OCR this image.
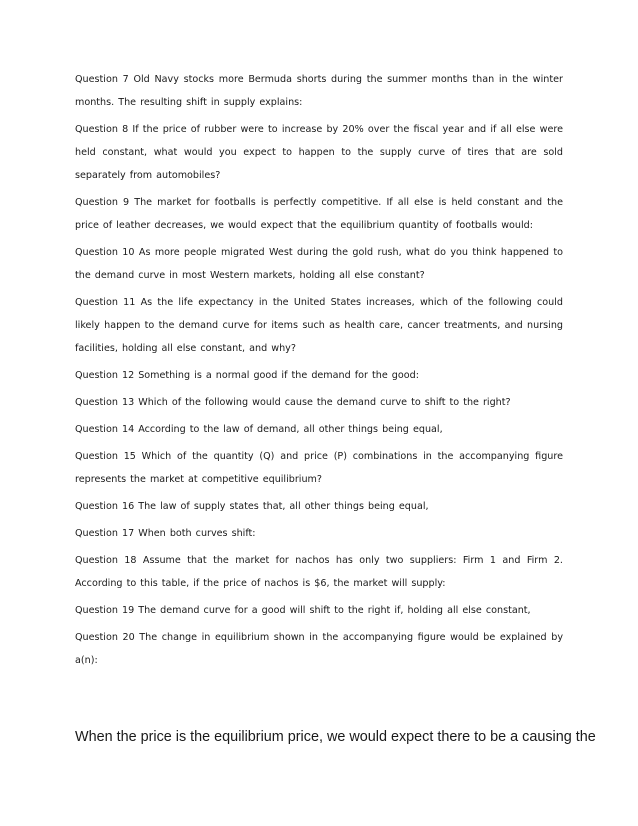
Question 7 Old Navy stocks more Bermuda shorts during the summer months than in the winter months. The resulting shift in supply explains:

Question 8 If the price of rubber were to increase by 20% over the fiscal year and if all else were held constant, what would you expect to happen to the supply curve of tires that are sold separately from automobiles?

Question 9 The market for footballs is perfectly competitive. If all else is held constant and the price of leather decreases, we would expect that the equilibrium quantity of footballs would:

Question 10 As more people migrated West during the gold rush, what do you think happened to the demand curve in most Western markets, holding all else constant?

Question 11 As the life expectancy in the United States increases, which of the following could likely happen to the demand curve for items such as health care, cancer treatments, and nursing facilities, holding all else constant, and why?

Question 12 Something is a normal good if the demand for the good:

Question 13 Which of the following would cause the demand curve to shift to the right?

Question 14 According to the law of demand, all other things being equal,

Question 15 Which of the quantity (Q) and price (P) combinations in the accompanying figure represents the market at competitive equilibrium?

Question 16 The law of supply states that, all other things being equal,

Question 17 When both curves shift:

Question 18 Assume that the market for nachos has only two suppliers: Firm 1 and Firm 2. According to this table, if the price of nachos is $6, the market will supply:

Question 19 The demand curve for a good will shift to the right if, holding all else constant,

Question 20 The change in equilibrium shown in the accompanying figure would be explained by a(n):

When the price is the equilibrium price, we would expect there to be a causing the
